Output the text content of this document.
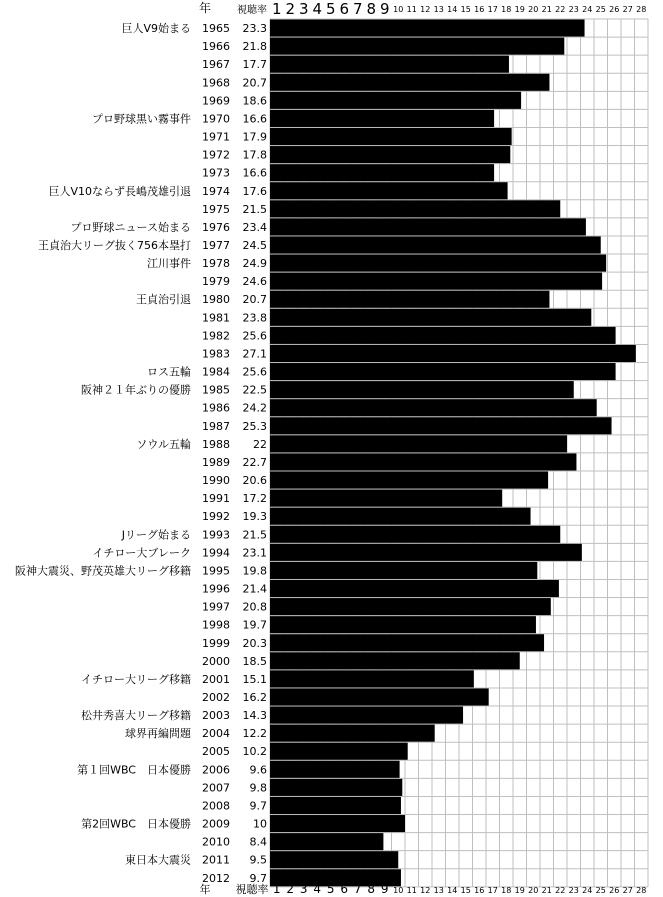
1965 23.3
巨人V9始まる
1966 21.8
1967 17.7
1968 20.7
1969 18.6
1970 16.6
プロ野球黒い霧事件
1971 17.9
1972 17.8
1973 16.6
1974 17.6
巨人V10ならず長嶋茂雄引退
1975 21.5
1976 23.4
プロ野球ニュース始まる
1977 24.5
王貞治大リーグ抜く756本塁打
1978 24.9
江川事件
1979 24.6
1980 20.7
王貞治引退
1981 23.8
1982 25.6
1983 27.1
1984 25.6
ロス五輪
1985 22.5
阪神２１年ぶりの優勝
1986 24.2
1987 25.3
1988 22
ソウル五輪
1989 22.7
1990 20.6
1991 17.2
1992 19.3
1993 21.5
Jリーグ始まる
1994 23.1
イチロー大ブレーク
1995 19.8
阪神大震災、野茂英雄大リーグ移籍
1996 21.4
1997 20.8
1998 19.7
1999 20.3
2000 18.5
2001 15.1
イチロー大リーグ移籍
2002 16.2
2003 14.3
松井秀喜大リーグ移籍
2004 12.2
球界再編問題
2005 10.2
2006 9.6
第１回WBC　日本優勝
2007 9.8
2008 9.7
2009 10
第2回WBC　日本優勝
2010 8.4
2011 9.5
東日本大震災
2012 9.7
年
年 視聴率
1
1
2
2
3
3
4
4
5
5
6
6
7
7
8
8
9
9
10
10
11
11
12
12
13
13
14
14
15
15
16
16
17
17
18
18
19
19
20
20
21
21
22
22
23
23
24
24
25
25
26
26
27
27
28
28
視聴率
